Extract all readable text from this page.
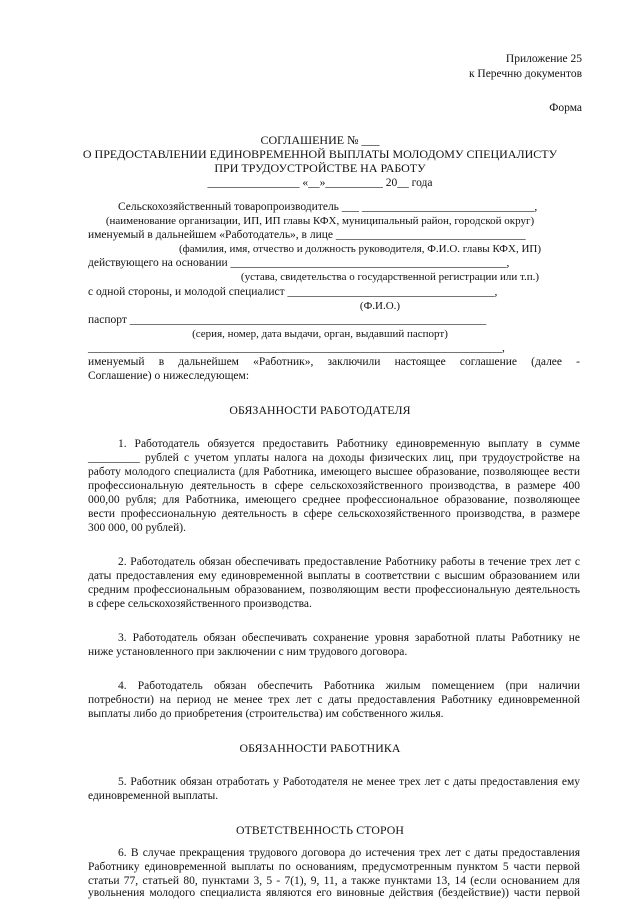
Приложение 25
к Перечню документов
Форма
СОГЛАШЕНИЕ № ___
О ПРЕДОСТАВЛЕНИИ ЕДИНОВРЕМЕННОЙ ВЫПЛАТЫ МОЛОДОМУ СПЕЦИАЛИСТУ
ПРИ ТРУДОУСТРОЙСТВЕ НА РАБОТУ
________________ «__»__________ 20__ года
Сельскохозяйственный товаропроизводитель ___ ______________________________,
(наименование организации, ИП, ИП главы КФХ, муниципальный район, городской округ)
именуемый в дальнейшем «Работодатель», в лице _________________________________
(фамилия, имя, отчество и должность руководителя, Ф.И.О. главы КФХ, ИП)
действующего на основании ________________________________________________,
(устава, свидетельства о государственной регистрации или т.п.)
с одной стороны, и молодой специалист ____________________________________,
(Ф.И.О.)
паспорт ______________________________________________________________
(серия, номер, дата выдачи, орган, выдавший паспорт)
________________________________________________________________________,
именуемый в дальнейшем «Работник», заключили настоящее соглашение (далее -
Соглашение) о нижеследующем:
ОБЯЗАННОСТИ РАБОТОДАТЕЛЯ
1. Работодатель обязуется предоставить Работнику единовременную выплату в сумме
_________ рублей с учетом уплаты налога на доходы физических лиц, при трудоустройстве на
работу молодого специалиста (для Работника, имеющего высшее образование, позволяющее вести
профессиональную деятельность в сфере сельскохозяйственного производства, в размере 400
000,00 рубля; для Работника, имеющего среднее профессиональное образование, позволяющее
вести профессиональную деятельность в сфере сельскохозяйственного производства, в размере
300 000, 00 рублей).
2. Работодатель обязан обеспечивать предоставление Работнику работы в течение трех лет с
даты предоставления ему единовременной выплаты в соответствии с высшим образованием или
средним профессиональным образованием, позволяющим вести профессиональную деятельность
в сфере сельскохозяйственного производства.
3. Работодатель обязан обеспечивать сохранение уровня заработной платы Работнику не
ниже установленного при заключении с ним трудового договора.
4. Работодатель обязан обеспечить Работника жилым помещением (при наличии
потребности) на период не менее трех лет с даты предоставления Работнику единовременной
выплаты либо до приобретения (строительства) им собственного жилья.
ОБЯЗАННОСТИ РАБОТНИКА
5. Работник обязан отработать у Работодателя не менее трех лет с даты предоставления ему
единовременной выплаты.
ОТВЕТСТВЕННОСТЬ СТОРОН
6. В случае прекращения трудового договора до истечения трех лет с даты предоставления
Работнику единовременной выплаты по основаниям, предусмотренным пунктом 5 части первой
статьи 77, статьей 80, пунктами 3, 5 - 7(1), 9, 11, а также пунктами 13, 14 (если основанием для
увольнения молодого специалиста являются его виновные действия (бездействие)) части первой
